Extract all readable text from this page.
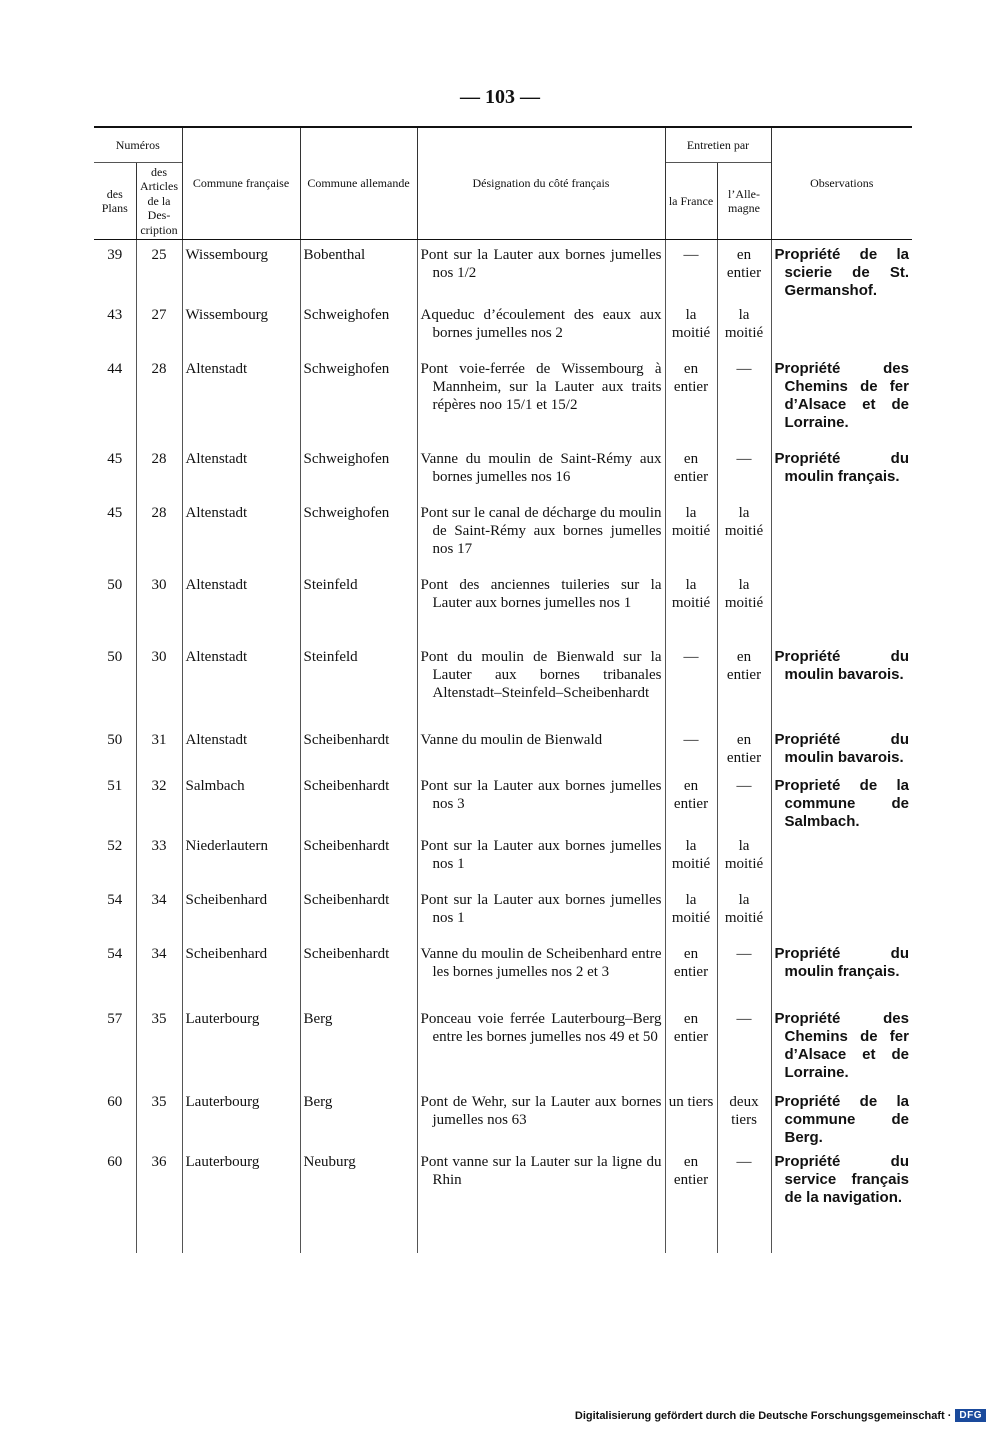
— 103 —
Numéros		Commune française	Commune allemande	Désignation du côté français	Entretien par		Observations
des Plans	des Articles de la Des- cription				la France	l’Alle- magne	
39	25	Wissembourg	Bobenthal	Pont sur la Lauter aux bornes jumelles nos 1/2	—	en entier	Propriété de la scierie de St. Germanshof.

43	27	Wissembourg	Schweighofen	Aqueduc d’écoulement des eaux aux bornes jumelles nos 2	la moitié	la moitié	

44	28	Altenstadt	Schweighofen	Pont voie-ferrée de Wissembourg à Mannheim, sur la Lauter aux traits répères noo 15/1 et 15/2	en entier	—	Propriété des Chemins de fer d’Alsace et de Lorraine.

45	28	Altenstadt	Schweighofen	Vanne du moulin de Saint-Rémy aux bornes jumelles nos 16	en entier	—	Propriété du moulin français.

45	28	Altenstadt	Schweighofen	Pont sur le canal de décharge du moulin de Saint-Rémy aux bornes jumelles nos 17	la moitié	la moitié	

50	30	Altenstadt	Steinfeld	Pont des anciennes tuileries sur la Lauter aux bornes jumelles nos 1	la moitié	la moitié	

50	30	Altenstadt	Steinfeld	Pont du moulin de Bienwald sur la Lauter aux bornes tribanales Altenstadt–Steinfeld–Scheibenhardt	—	en entier	Propriété du moulin bavarois.

50	31	Altenstadt	Scheibenhardt	Vanne du moulin de Bienwald	—	en entier	Propriété du moulin bavarois.

51	32	Salmbach	Scheibenhardt	Pont sur la Lauter aux bornes jumelles nos 3	en entier	—	Proprieté de la commune de Salmbach.

52	33	Niederlautern	Scheibenhardt	Pont sur la Lauter aux bornes jumelles nos 1	la moitié	la moitié	

54	34	Scheibenhard	Scheibenhardt	Pont sur la Lauter aux bornes jumelles nos 1	la moitié	la moitié	

54	34	Scheibenhard	Scheibenhardt	Vanne du moulin de Scheibenhard entre les bornes jumelles nos 2 et 3	en entier	—	Propriété du moulin français.

57	35	Lauterbourg	Berg	Ponceau voie ferrée Lauterbourg–Berg entre les bornes jumelles nos 49 et 50	en entier	—	Propriété des Chemins de fer d’Alsace et de Lorraine.

60	35	Lauterbourg	Berg	Pont de Wehr, sur la Lauter aux bornes jumelles nos 63	un tiers	deux tiers	Propriété de la commune de Berg.

60	36	Lauterbourg	Neuburg	Pont vanne sur la Lauter sur la ligne du Rhin	en entier	—	Propriété du service français de la navigation.

Digitalisierung gefördert durch die Deutsche Forschungsgemeinschaft · DFG
